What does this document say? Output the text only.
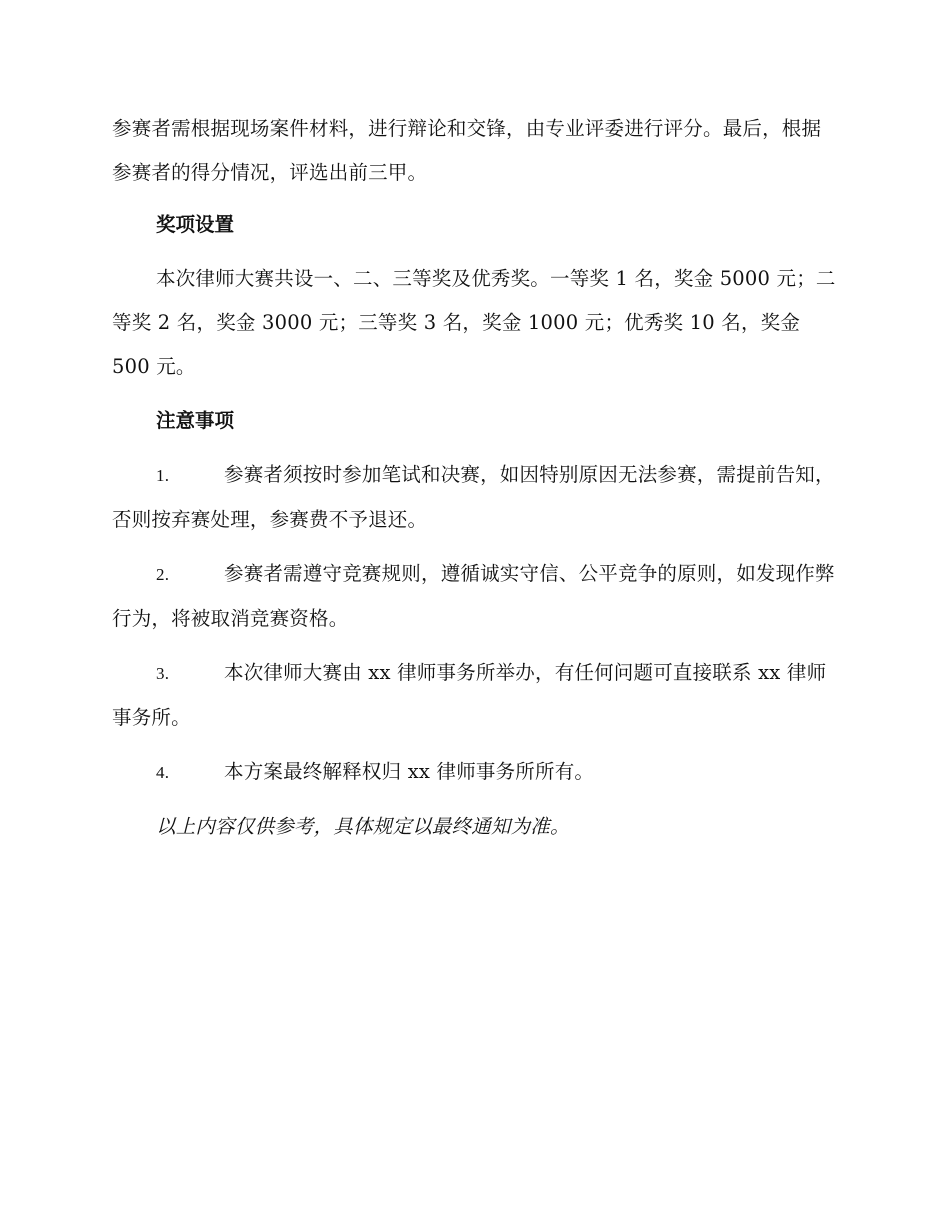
参赛者需根据现场案件材料，进行辩论和交锋，由专业评委进行评分。最后，根据参赛者的得分情况，评选出前三甲。

奖项设置

本次律师大赛共设一、二、三等奖及优秀奖。一等奖 1 名，奖金 5000 元；二等奖 2 名，奖金 3000 元；三等奖 3 名，奖金 1000 元；优秀奖 10 名，奖金 500 元。

注意事项

1.	参赛者须按时参加笔试和决赛，如因特别原因无法参赛，需提前告知，否则按弃赛处理，参赛费不予退还。

2.	参赛者需遵守竞赛规则，遵循诚实守信、公平竞争的原则，如发现作弊行为，将被取消竞赛资格。

3.	本次律师大赛由 xx 律师事务所举办，有任何问题可直接联系 xx 律师事务所。

4.	本方案最终解释权归 xx 律师事务所所有。

以上内容仅供参考，具体规定以最终通知为准。
